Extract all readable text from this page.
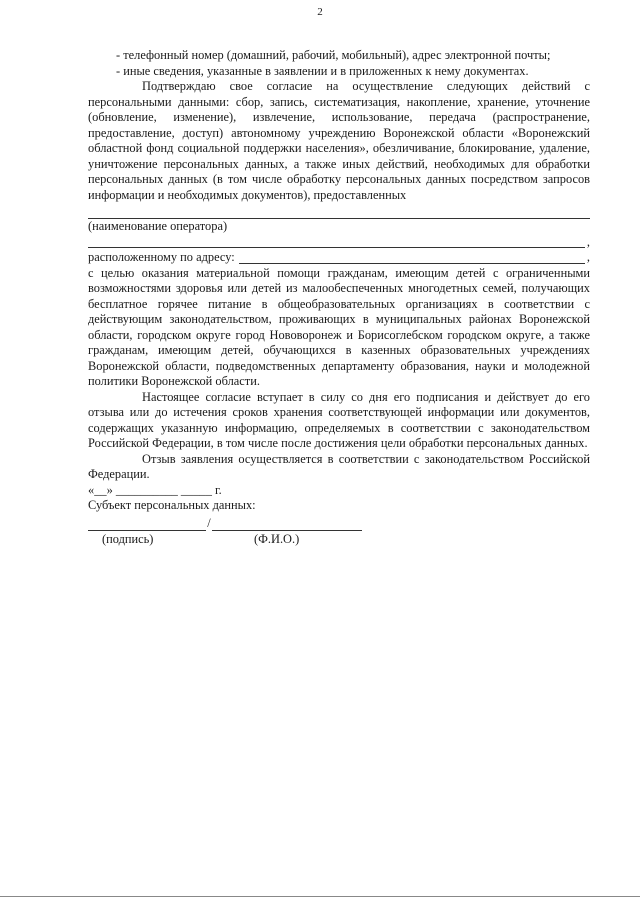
2

- телефонный номер (домашний, рабочий, мобильный), адрес электронной почты;

- иные сведения, указанные в заявлении и в приложенных к нему документах.

Подтверждаю свое согласие на осуществление следующих действий с персональными данными: сбор, запись, систематизация, накопление, хранение, уточнение (обновление, изменение), извлечение, использование, передача (распространение, предоставление, доступ) автономному учреждению Воронежской области «Воронежский областной фонд социальной поддержки населения», обезличивание, блокирование, удаление, уничтожение персональных данных, а также иных действий, необходимых для обработки персональных данных (в том числе обработку персональных данных посредством запросов информации и необходимых документов), предоставленных

(наименование оператора)

,
расположенному по адресу:	,

с целью оказания материальной помощи гражданам, имеющим детей с ограниченными возможностями здоровья или детей из малообеспеченных многодетных семей, получающих бесплатное горячее питание в общеобразовательных организациях в соответствии с действующим законодательством, проживающих в муниципальных районах Воронежской области, городском округе город Нововоронеж и Борисоглебском городском округе, а также гражданам, имеющим детей, обучающихся в казенных образовательных учреждениях Воронежской области, подведомственных департаменту образования, науки и молодежной политики Воронежской области.

Настоящее согласие вступает в силу со дня его подписания и действует до его отзыва или до истечения сроков хранения соответствующей информации или документов, содержащих указанную информацию, определяемых в соответствии с законодательством Российской Федерации, в том числе после достижения цели обработки персональных данных.

Отзыв заявления осуществляется в соответствии с законодательством Российской Федерации.

«__» __________ _____ г.

Субъект персональных данных:

/
(подпись)	(Ф.И.О.)
